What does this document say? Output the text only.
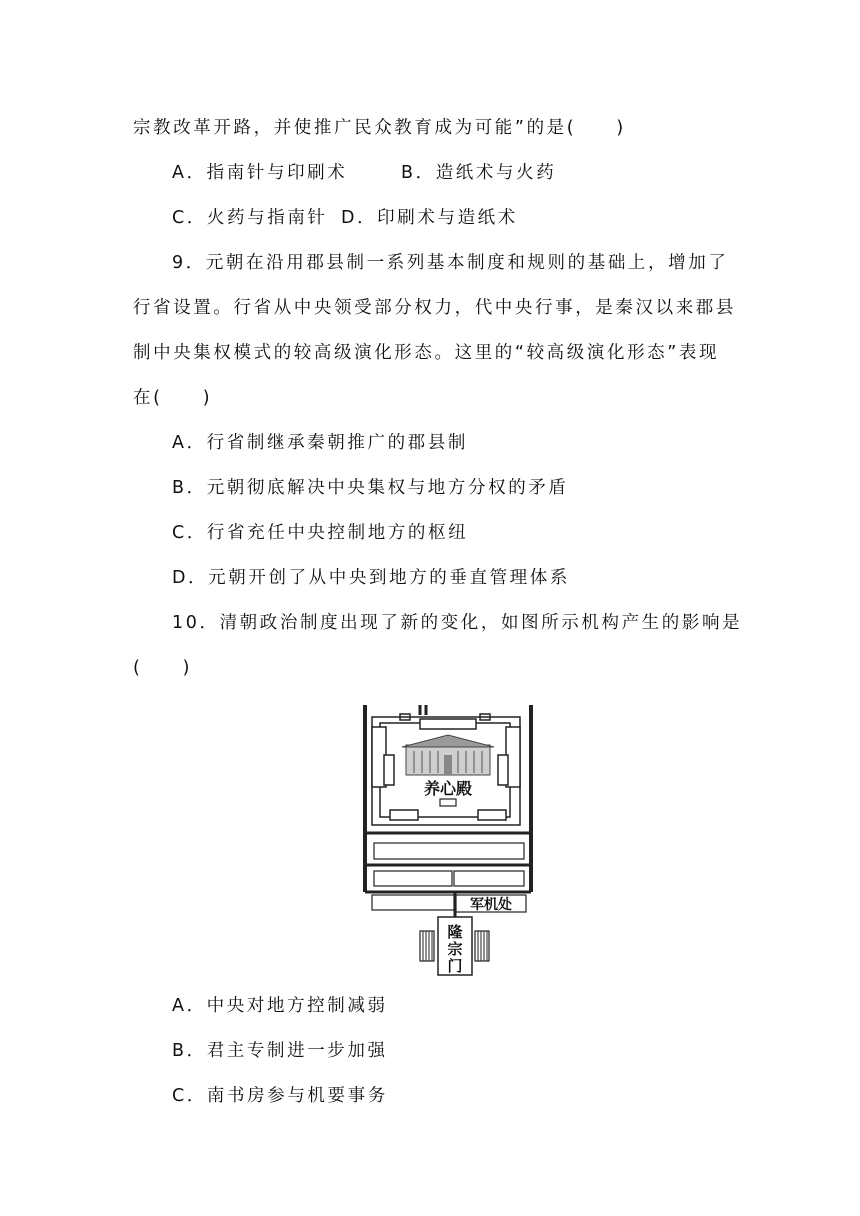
宗教改革开路，并使推广民众教育成为可能”的是(　　)
A．指南针与印刷术	B．造纸术与火药
C．火药与指南针 D．印刷术与造纸术
9．元朝在沿用郡县制一系列基本制度和规则的基础上，增加了
行省设置。行省从中央领受部分权力，代中央行事，是秦汉以来郡县
制中央集权模式的较高级演化形态。这里的“较高级演化形态”表现
在(　　)
A．行省制继承秦朝推广的郡县制
B．元朝彻底解决中央集权与地方分权的矛盾
C．行省充任中央控制地方的枢纽
D．元朝开创了从中央到地方的垂直管理体系
10．清朝政治制度出现了新的变化，如图所示机构产生的影响是
(　　)
养心殿
军机处
隆
宗
门
A．中央对地方控制减弱
B．君主专制进一步加强
C．南书房参与机要事务
